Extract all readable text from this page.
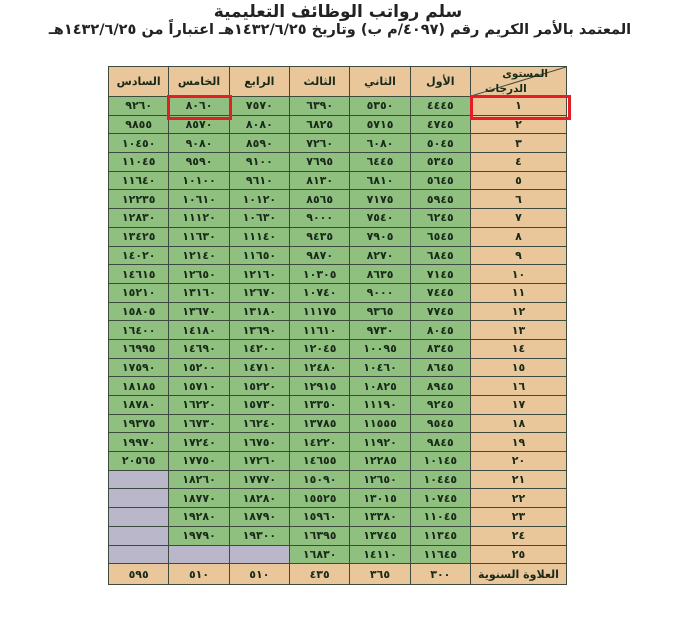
سلم رواتب الوظائف التعليمية
المعتمد بالأمر الكريم رقم (٤٠٩٧/م ب) وتاريخ ١٤٣٢/٦/٢٥هـ اعتباراً من ١٤٣٢/٦/٢٥هـ
المستوى
الدرجات	الأول	الثاني	الثالث	الرابع	الخامس	السادس
١	٤٤٤٥	٥٣٥٠	٦٣٩٠	٧٥٧٠	٨٠٦٠	٩٢٦٠
٢	٤٧٤٥	٥٧١٥	٦٨٢٥	٨٠٨٠	٨٥٧٠	٩٨٥٥
٣	٥٠٤٥	٦٠٨٠	٧٢٦٠	٨٥٩٠	٩٠٨٠	١٠٤٥٠
٤	٥٣٤٥	٦٤٤٥	٧٦٩٥	٩١٠٠	٩٥٩٠	١١٠٤٥
٥	٥٦٤٥	٦٨١٠	٨١٣٠	٩٦١٠	١٠١٠٠	١١٦٤٠
٦	٥٩٤٥	٧١٧٥	٨٥٦٥	١٠١٢٠	١٠٦١٠	١٢٢٣٥
٧	٦٢٤٥	٧٥٤٠	٩٠٠٠	١٠٦٣٠	١١١٢٠	١٢٨٣٠
٨	٦٥٤٥	٧٩٠٥	٩٤٣٥	١١١٤٠	١١٦٣٠	١٣٤٢٥
٩	٦٨٤٥	٨٢٧٠	٩٨٧٠	١١٦٥٠	١٢١٤٠	١٤٠٢٠
١٠	٧١٤٥	٨٦٣٥	١٠٣٠٥	١٢١٦٠	١٢٦٥٠	١٤٦١٥
١١	٧٤٤٥	٩٠٠٠	١٠٧٤٠	١٢٦٧٠	١٣١٦٠	١٥٢١٠
١٢	٧٧٤٥	٩٣٦٥	١١١٧٥	١٣١٨٠	١٣٦٧٠	١٥٨٠٥
١٣	٨٠٤٥	٩٧٣٠	١١٦١٠	١٣٦٩٠	١٤١٨٠	١٦٤٠٠
١٤	٨٣٤٥	١٠٠٩٥	١٢٠٤٥	١٤٢٠٠	١٤٦٩٠	١٦٩٩٥
١٥	٨٦٤٥	١٠٤٦٠	١٢٤٨٠	١٤٧١٠	١٥٢٠٠	١٧٥٩٠
١٦	٨٩٤٥	١٠٨٢٥	١٢٩١٥	١٥٢٢٠	١٥٧١٠	١٨١٨٥
١٧	٩٢٤٥	١١١٩٠	١٣٣٥٠	١٥٧٣٠	١٦٢٢٠	١٨٧٨٠
١٨	٩٥٤٥	١١٥٥٥	١٣٧٨٥	١٦٢٤٠	١٦٧٣٠	١٩٣٧٥
١٩	٩٨٤٥	١١٩٢٠	١٤٢٢٠	١٦٧٥٠	١٧٢٤٠	١٩٩٧٠
٢٠	١٠١٤٥	١٢٢٨٥	١٤٦٥٥	١٧٢٦٠	١٧٧٥٠	٢٠٥٦٥
٢١	١٠٤٤٥	١٢٦٥٠	١٥٠٩٠	١٧٧٧٠	١٨٢٦٠	
٢٢	١٠٧٤٥	١٣٠١٥	١٥٥٢٥	١٨٢٨٠	١٨٧٧٠	
٢٣	١١٠٤٥	١٣٣٨٠	١٥٩٦٠	١٨٧٩٠	١٩٢٨٠	
٢٤	١١٣٤٥	١٣٧٤٥	١٦٣٩٥	١٩٣٠٠	١٩٧٩٠	
٢٥	١١٦٤٥	١٤١١٠	١٦٨٣٠			
العلاوة السنوية	٣٠٠	٣٦٥	٤٣٥	٥١٠	٥١٠	٥٩٥
